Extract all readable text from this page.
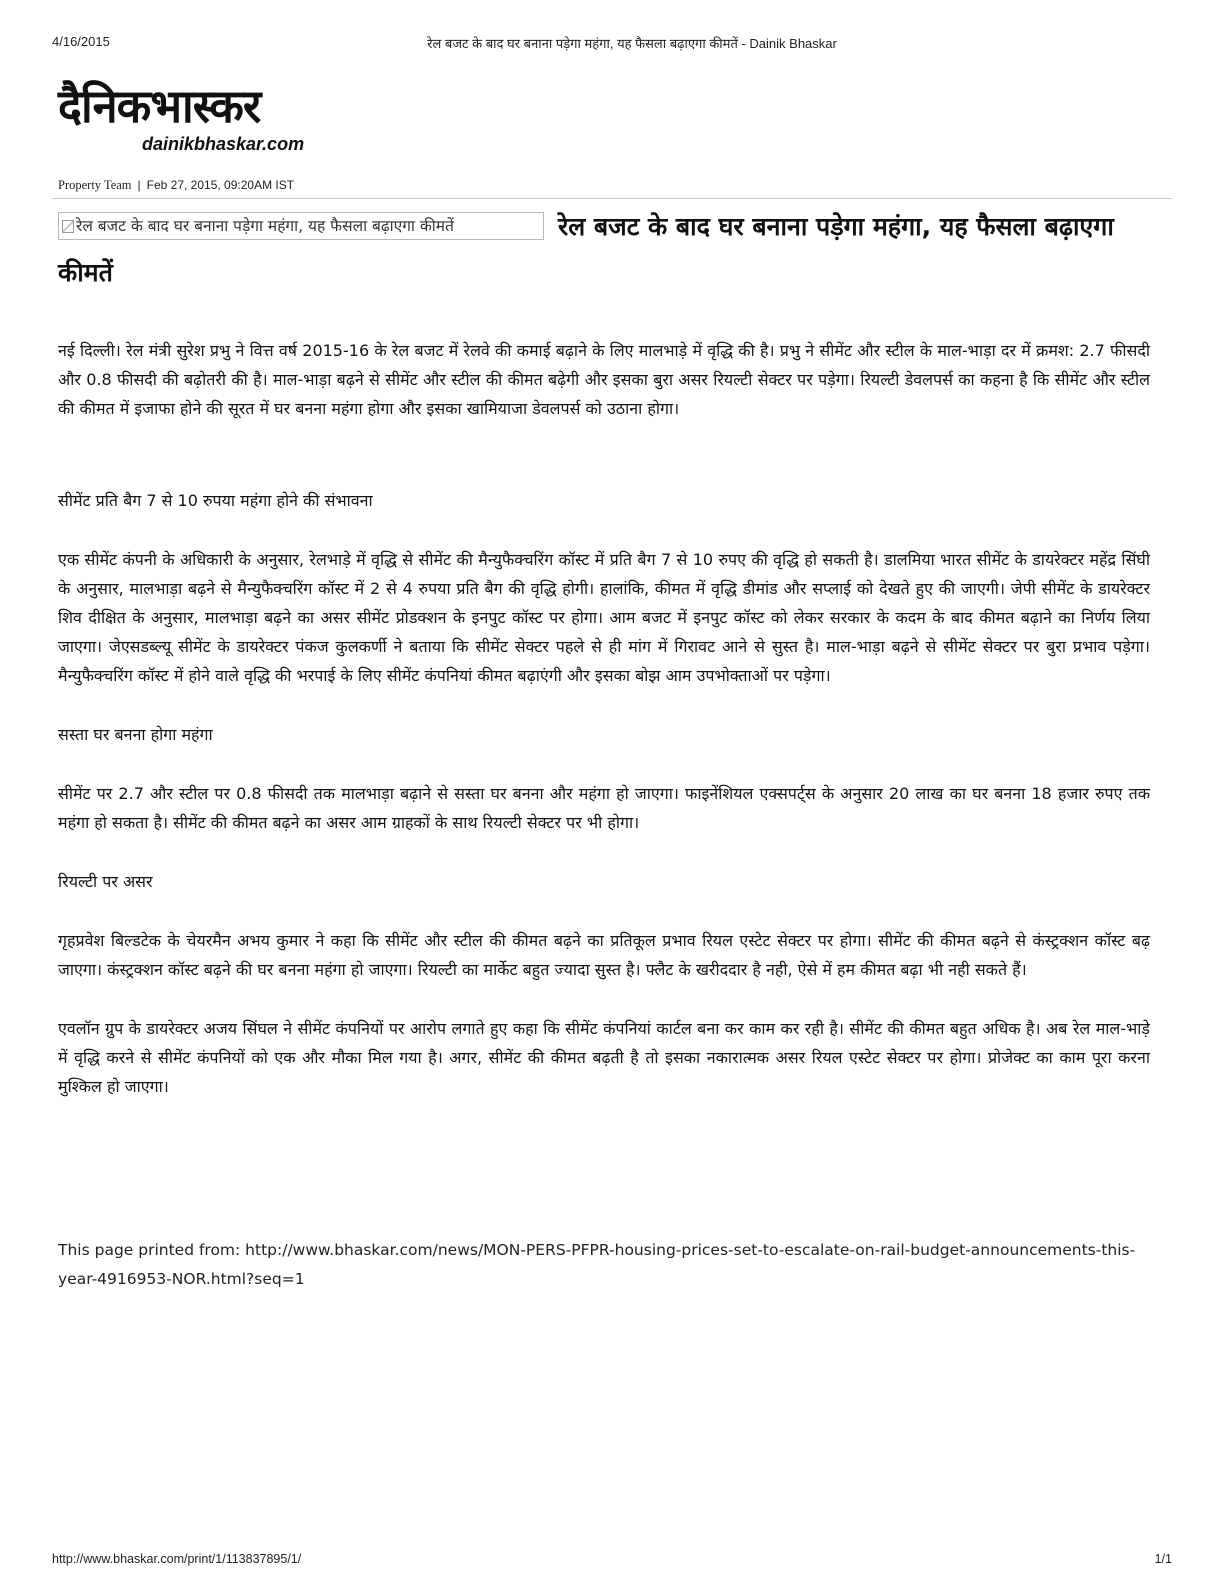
4/16/2015	रेल बजट के बाद घर बनाना पड़ेगा महंगा, यह फैसला बढ़ाएगा कीमतें - Dainik Bhaskar
दैनिकभास्कर
dainikbhaskar.com
Property Team | Feb 27, 2015, 09:20AM IST
रेल बजट के बाद घर बनाना पड़ेगा महंगा, यह फैसला बढ़ाएगा कीमतें
रेल बजट के बाद घर बनाना पड़ेगा महंगा, यह फैसला बढ़ाएगा कीमतें

नई दिल्ली। रेल मंत्री सुरेश प्रभु ने वित्त वर्ष 2015-16 के रेल बजट में रेलवे की कमाई बढ़ाने के लिए मालभाड़े में वृद्धि की है। प्रभु ने सीमेंट और स्टील के माल-भाड़ा दर में क्रमश: 2.7 फीसदी और 0.8 फीसदी की बढ़ोतरी की है। माल-भाड़ा बढ़ने से सीमेंट और स्टील की कीमत बढ़ेगी और इसका बुरा असर रियल्टी सेक्टर पर पड़ेगा। रियल्टी डेवलपर्स का कहना है कि सीमेंट और स्टील की कीमत में इजाफा होने की सूरत में घर बनना महंगा होगा और इसका खामियाजा डेवलपर्स को उठाना होगा।

सीमेंट प्रति बैग 7 से 10 रुपया महंगा होने की संभावना

एक सीमेंट कंपनी के अधिकारी के अनुसार, रेलभाड़े में वृद्धि से सीमेंट की मैन्युफैक्चरिंग कॉस्ट में प्रति बैग 7 से 10 रुपए की वृद्धि हो सकती है। डालमिया भारत सीमेंट के डायरेक्टर महेंद्र सिंघी के अनुसार, मालभाड़ा बढ़ने से मैन्युफैक्चरिंग कॉस्ट में 2 से 4 रुपया प्रति बैग की वृद्धि होगी। हालांकि, कीमत में वृद्धि डीमांड और सप्लाई को देखते हुए की जाएगी। जेपी सीमेंट के डायरेक्टर शिव दीक्षित के अनुसार, मालभाड़ा बढ़ने का असर सीमेंट प्रोडक्शन के इनपुट कॉस्ट पर होगा। आम बजट में इनपुट कॉस्ट को लेकर सरकार के कदम के बाद कीमत बढ़ाने का निर्णय लिया जाएगा। जेएसडब्ल्यू सीमेंट के डायरेक्टर पंकज कुलकर्णी ने बताया कि सीमेंट सेक्टर पहले से ही मांग में गिरावट आने से सुस्त है। माल-भाड़ा बढ़ने से सीमेंट सेक्टर पर बुरा प्रभाव पड़ेगा। मैन्युफैक्चरिंग कॉस्ट में होने वाले वृद्धि की भरपाई के लिए सीमेंट कंपनियां कीमत बढ़ाएंगी और इसका बोझ आम उपभोक्ताओं पर पड़ेगा।

सस्ता घर बनना होगा महंगा

सीमेंट पर 2.7 और स्टील पर 0.8 फीसदी तक मालभाड़ा बढ़ाने से सस्ता घर बनना और महंगा हो जाएगा। फाइनेंशियल एक्सपर्ट्स के अनुसार 20 लाख का घर बनना 18 हजार रुपए तक महंगा हो सकता है। सीमेंट की कीमत बढ़ने का असर आम ग्राहकों के साथ रियल्टी सेक्टर पर भी होगा।

रियल्टी पर असर

गृहप्रवेश बिल्डटेक के चेयरमैन अभय कुमार ने कहा कि सीमेंट और स्टील की कीमत बढ़ने का प्रतिकूल प्रभाव रियल एस्टेट सेक्टर पर होगा। सीमेंट की कीमत बढ़ने से कंस्ट्रक्शन कॉस्ट बढ़ जाएगा। कंस्ट्रक्शन कॉस्ट बढ़ने की घर बनना महंगा हो जाएगा। रियल्टी का मार्केट बहुत ज्यादा सुस्त है। फ्लैट के खरीददार है नही, ऐसे में हम कीमत बढ़ा भी नही सकते हैं।

एवलॉन ग्रुप के डायरेक्टर अजय सिंघल ने सीमेंट कंपनियों पर आरोप लगाते हुए कहा कि सीमेंट कंपनियां कार्टल बना कर काम कर रही है। सीमेंट की कीमत बहुत अधिक है। अब रेल माल-भाड़े में वृद्धि करने से सीमेंट कंपनियों को एक और मौका मिल गया है। अगर, सीमेंट की कीमत बढ़ती है तो इसका नकारात्मक असर रियल एस्टेट सेक्टर पर होगा। प्रोजेक्ट का काम पूरा करना मुश्किल हो जाएगा।

This page printed from: http://www.bhaskar.com/news/MON-PERS-PFPR-housing-prices-set-to-escalate-on-rail-budget-announcements-this-year-4916953-NOR.html?seq=1
http://www.bhaskar.com/print/1/113837895/1/	1/1
